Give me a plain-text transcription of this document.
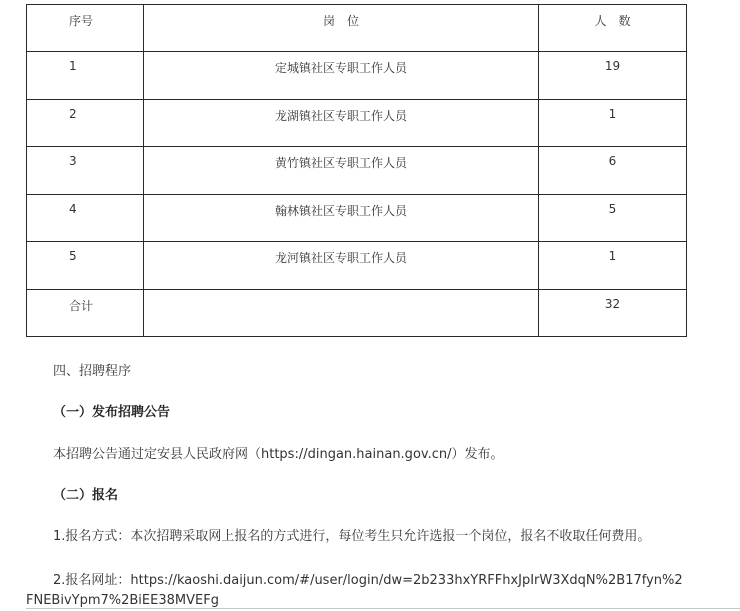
序号	岗　位	人　数
1	定城镇社区专职工作人员	19
2	龙湖镇社区专职工作人员	1
3	黄竹镇社区专职工作人员	6
4	翰林镇社区专职工作人员	5
5	龙河镇社区专职工作人员	1
合计		32

四、招聘程序

（一）发布招聘公告

本招聘公告通过定安县人民政府网（https://dingan.hainan.gov.cn/）发布。

（二）报名

1.报名方式：本次招聘采取网上报名的方式进行，每位考生只允许选报一个岗位，报名不收取任何费用。

2.报名网址：https://kaoshi.daijun.com/#/user/login/dw=2b233hxYRFFhxJpIrW3XdqN%2B17fyn%2
FNEBivYpm7%2BiEE38MVEFg
